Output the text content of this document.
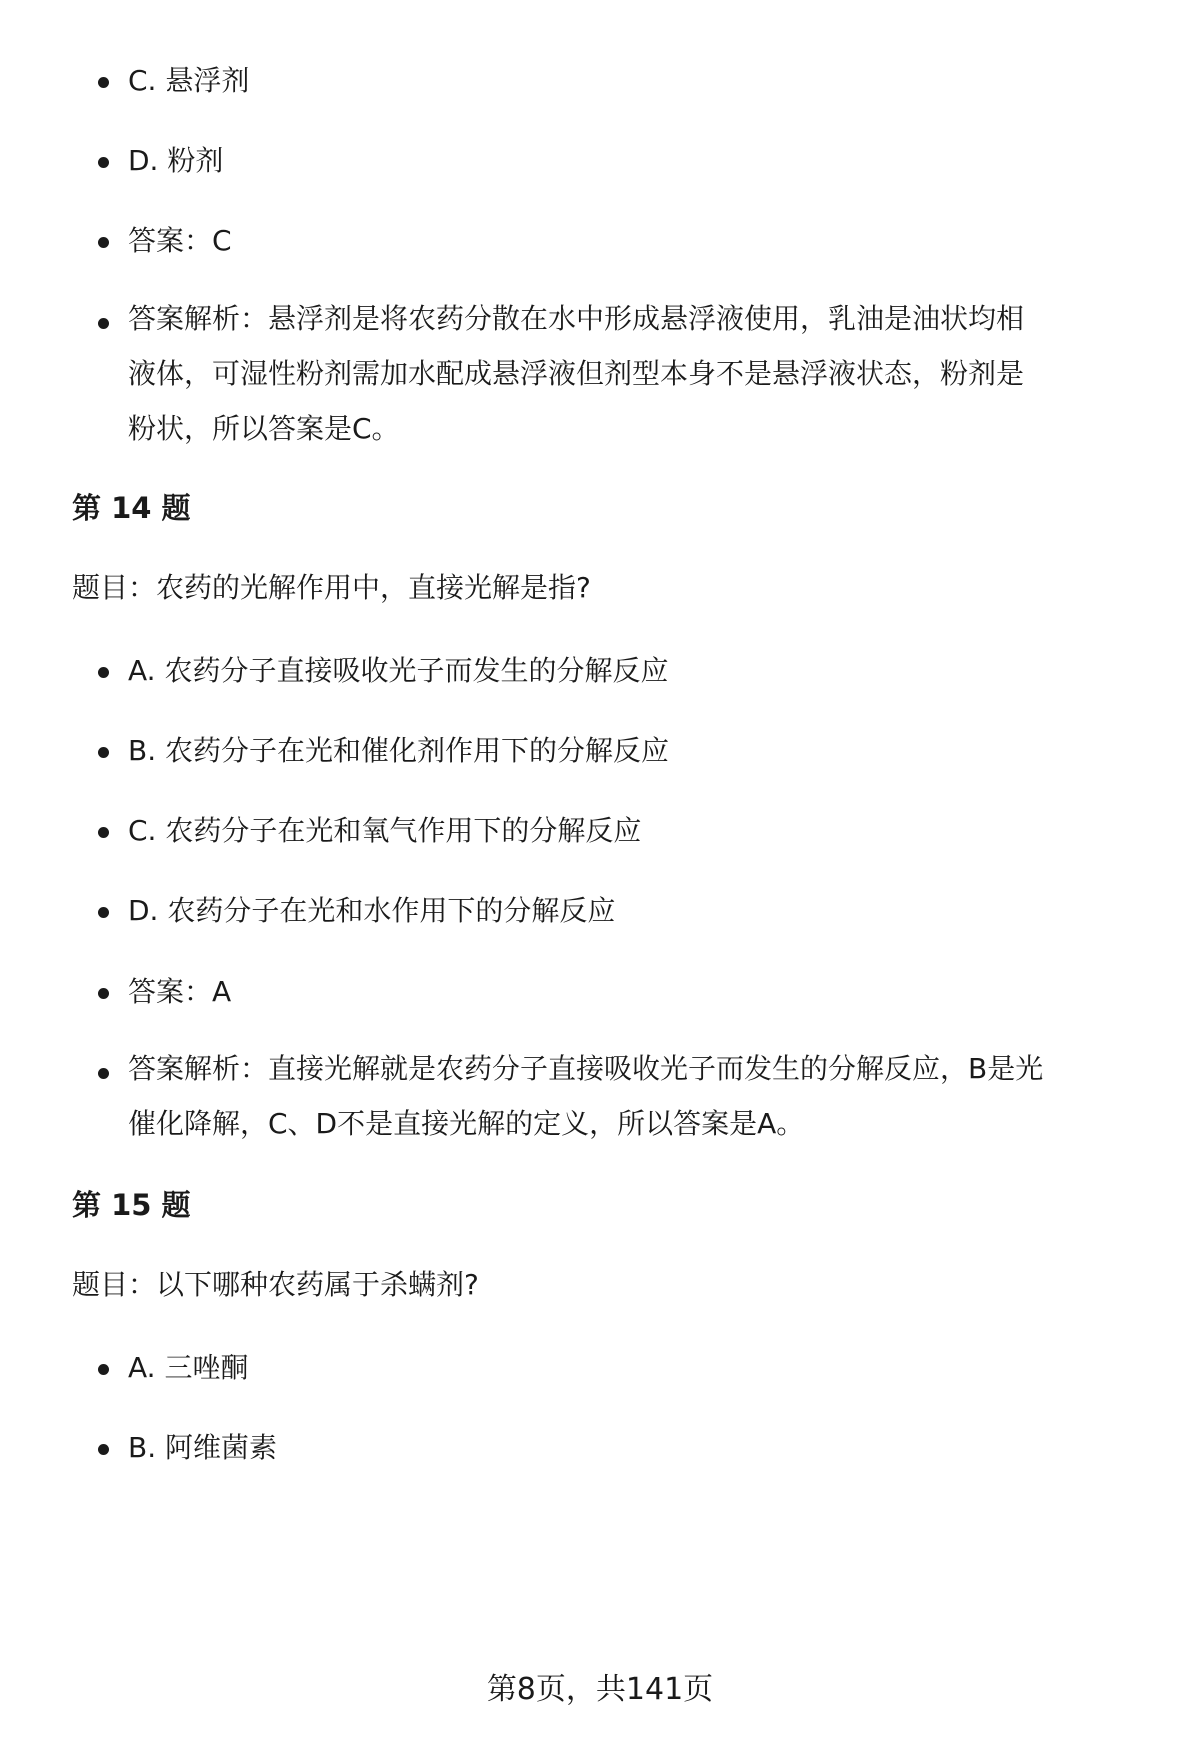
C. 悬浮剂

D. 粉剂

答案：C

答案解析：悬浮剂是将农药分散在水中形成悬浮液使用，乳油是油状均相液体，可湿性粉剂需加水配成悬浮液但剂型本身不是悬浮液状态，粉剂是粉状，所以答案是C。

第 14 题

题目：农药的光解作用中，直接光解是指?

A. 农药分子直接吸收光子而发生的分解反应

B. 农药分子在光和催化剂作用下的分解反应

C. 农药分子在光和氧气作用下的分解反应

D. 农药分子在光和水作用下的分解反应

答案：A

答案解析：直接光解就是农药分子直接吸收光子而发生的分解反应，B是光催化降解，C、D不是直接光解的定义，所以答案是A。

第 15 题

题目：以下哪种农药属于杀螨剂?

A. 三唑酮

B. 阿维菌素

第8页，共141页
